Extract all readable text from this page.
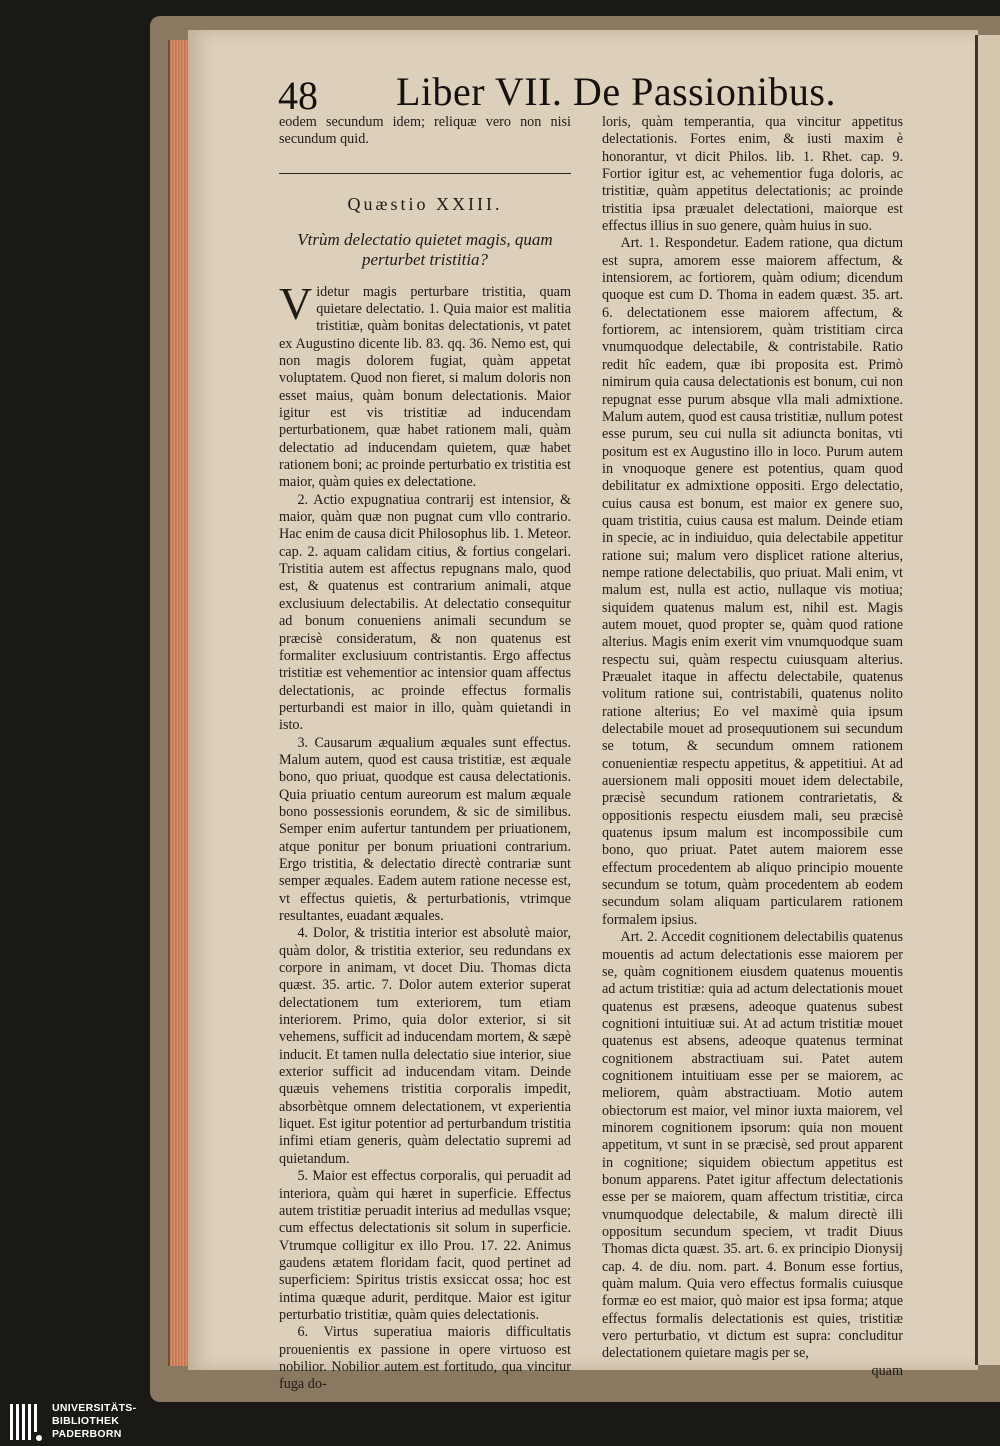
48 Liber VII. De Passionibus.

eodem secundum idem; reliquæ vero non nisi secundum quid.

Quæstio XXIII.
Vtrùm delectatio quietet magis, quam perturbet tristitia?

Videtur magis perturbare tristitia, quam quietare delectatio. 1. Quia maior est malitia tristitiæ, quàm bonitas delectationis, vt patet ex Augustino dicente lib. 83. qq. 36. Nemo est, qui non magis dolorem fugiat, quàm appetat voluptatem. Quod non fieret, si malum doloris non esset maius, quàm bonum delectationis. Maior igitur est vis tristitiæ ad inducendam perturbationem, quæ habet rationem mali, quàm delectatio ad inducendam quietem, quæ habet rationem boni; ac proinde perturbatio ex tristitia est maior, quàm quies ex delectatione.

2. Actio expugnatiua contrarij est intensior, & maior, quàm quæ non pugnat cum vllo contrario. Hac enim de causa dicit Philosophus lib. 1. Meteor. cap. 2. aquam calidam citius, & fortius congelari. Tristitia autem est affectus repugnans malo, quod est, & quatenus est contrarium animali, atque exclusiuum delectabilis. At delectatio consequitur ad bonum conueniens animali secundum se præcisè consideratum, & non quatenus est formaliter exclusiuum contristantis. Ergo affectus tristitiæ est vehementior ac intensior quam affectus delectationis, ac proinde effectus formalis perturbandi est maior in illo, quàm quietandi in isto.

3. Causarum æqualium æquales sunt effectus. Malum autem, quod est causa tristitiæ, est æquale bono, quo priuat, quodque est causa delectationis. Quia priuatio centum aureorum est malum æquale bono possessionis eorundem, & sic de similibus. Semper enim aufertur tantundem per priuationem, atque ponitur per bonum priuationi contrarium. Ergo tristitia, & delectatio directè contrariæ sunt semper æquales. Eadem autem ratione necesse est, vt effectus quietis, & perturbationis, vtrimque resultantes, euadant æquales.

4. Dolor, & tristitia interior est absolutè maior, quàm dolor, & tristitia exterior, seu redundans ex corpore in animam, vt docet Diu. Thomas dicta quæst. 35. artic. 7. Dolor autem exterior superat delectationem tum exteriorem, tum etiam interiorem. Primo, quia dolor exterior, si sit vehemens, sufficit ad inducendam mortem, & sæpè inducit. Et tamen nulla delectatio siue interior, siue exterior sufficit ad inducendam vitam. Deinde quæuis vehemens tristitia corporalis impedit, absorbètque omnem delectationem, vt experientia liquet. Est igitur potentior ad perturbandum tristitia infimi etiam generis, quàm delectatio supremi ad quietandum.

5. Maior est effectus corporalis, qui peruadit ad interiora, quàm qui hæret in superficie. Effectus autem tristitiæ peruadit interius ad medullas vsque; cum effectus delectationis sit solum in superficie. Vtrumque colligitur ex illo Prou. 17. 22. Animus gaudens ætatem floridam facit, quod pertinet ad superficiem: Spiritus tristis exsiccat ossa; hoc est intima quæque adurit, perditque. Maior est igitur perturbatio tristitiæ, quàm quies delectationis.

6. Virtus superatiua maioris difficultatis prouenientis ex passione in opere virtuoso est nobilior. Nobilior autem est fortitudo, qua vincitur fuga do-

loris, quàm temperantia, qua vincitur appetitus delectationis. Fortes enim, & iusti maxim è honorantur, vt dicit Philos. lib. 1. Rhet. cap. 9. Fortior igitur est, ac vehementior fuga doloris, ac tristitiæ, quàm appetitus delectationis; ac proinde tristitia ipsa præualet delectationi, maiorque est effectus illius in suo genere, quàm huius in suo.

Art. 1. Respondetur. Eadem ratione, qua dictum est supra, amorem esse maiorem affectum, & intensiorem, ac fortiorem, quàm odium; dicendum quoque est cum D. Thoma in eadem quæst. 35. art. 6. delectationem esse maiorem affectum, & fortiorem, ac intensiorem, quàm tristitiam circa vnumquodque delectabile, & contristabile. Ratio redit hîc eadem, quæ ibi proposita est. Primò nimirum quia causa delectationis est bonum, cui non repugnat esse purum absque vlla mali admixtione. Malum autem, quod est causa tristitiæ, nullum potest esse purum, seu cui nulla sit adiuncta bonitas, vti positum est ex Augustino illo in loco. Purum autem in vnoquoque genere est potentius, quam quod debilitatur ex admixtione oppositi. Ergo delectatio, cuius causa est bonum, est maior ex genere suo, quam tristitia, cuius causa est malum. Deinde etiam in specie, ac in indiuiduo, quia delectabile appetitur ratione sui; malum vero displicet ratione alterius, nempe ratione delectabilis, quo priuat. Mali enim, vt malum est, nulla est actio, nullaque vis motiua; siquidem quatenus malum est, nihil est. Magis autem mouet, quod propter se, quàm quod ratione alterius. Magis enim exerit vim vnumquodque suam respectu sui, quàm respectu cuiusquam alterius. Præualet itaque in affectu delectabile, quatenus volitum ratione sui, contristabili, quatenus nolito ratione alterius; Eo vel maximè quia ipsum delectabile mouet ad prosequutionem sui secundum se totum, & secundum omnem rationem conuenientiæ respectu appetitus, & appetitiui. At ad auersionem mali oppositi mouet idem delectabile, præcisè secundum rationem contrarietatis, & oppositionis respectu eiusdem mali, seu præcisè quatenus ipsum malum est incompossibile cum bono, quo priuat. Patet autem maiorem esse effectum procedentem ab aliquo principio mouente secundum se totum, quàm procedentem ab eodem secundum solam aliquam particularem rationem formalem ipsius.

Art. 2. Accedit cognitionem delectabilis quatenus mouentis ad actum delectationis esse maiorem per se, quàm cognitionem eiusdem quatenus mouentis ad actum tristitiæ: quia ad actum delectationis mouet quatenus est præsens, adeoque quatenus subest cognitioni intuitiuæ sui. At ad actum tristitiæ mouet quatenus est absens, adeoque quatenus terminat cognitionem abstractiuam sui. Patet autem cognitionem intuitiuam esse per se maiorem, ac meliorem, quàm abstractiuam. Motio autem obiectorum est maior, vel minor iuxta maiorem, vel minorem cognitionem ipsorum: quia non mouent appetitum, vt sunt in se præcisè, sed prout apparent in cognitione; siquidem obiectum appetitus est bonum apparens. Patet igitur affectum delectationis esse per se maiorem, quam affectum tristitiæ, circa vnumquodque delectabile, & malum directè illi oppositum secundum speciem, vt tradit Diuus Thomas dicta quæst. 35. art. 6. ex principio Dionysij cap. 4. de diu. nom. part. 4. Bonum esse fortius, quàm malum. Quia vero effectus formalis cuiusque formæ eo est maior, quò maior est ipsa forma; atque effectus formalis delectationis est quies, tristitiæ vero perturbatio, vt dictum est supra: concluditur delectationem quietare magis per se,

quam

UNIVERSITÄTS-
BIBLIOTHEK
PADERBORN
